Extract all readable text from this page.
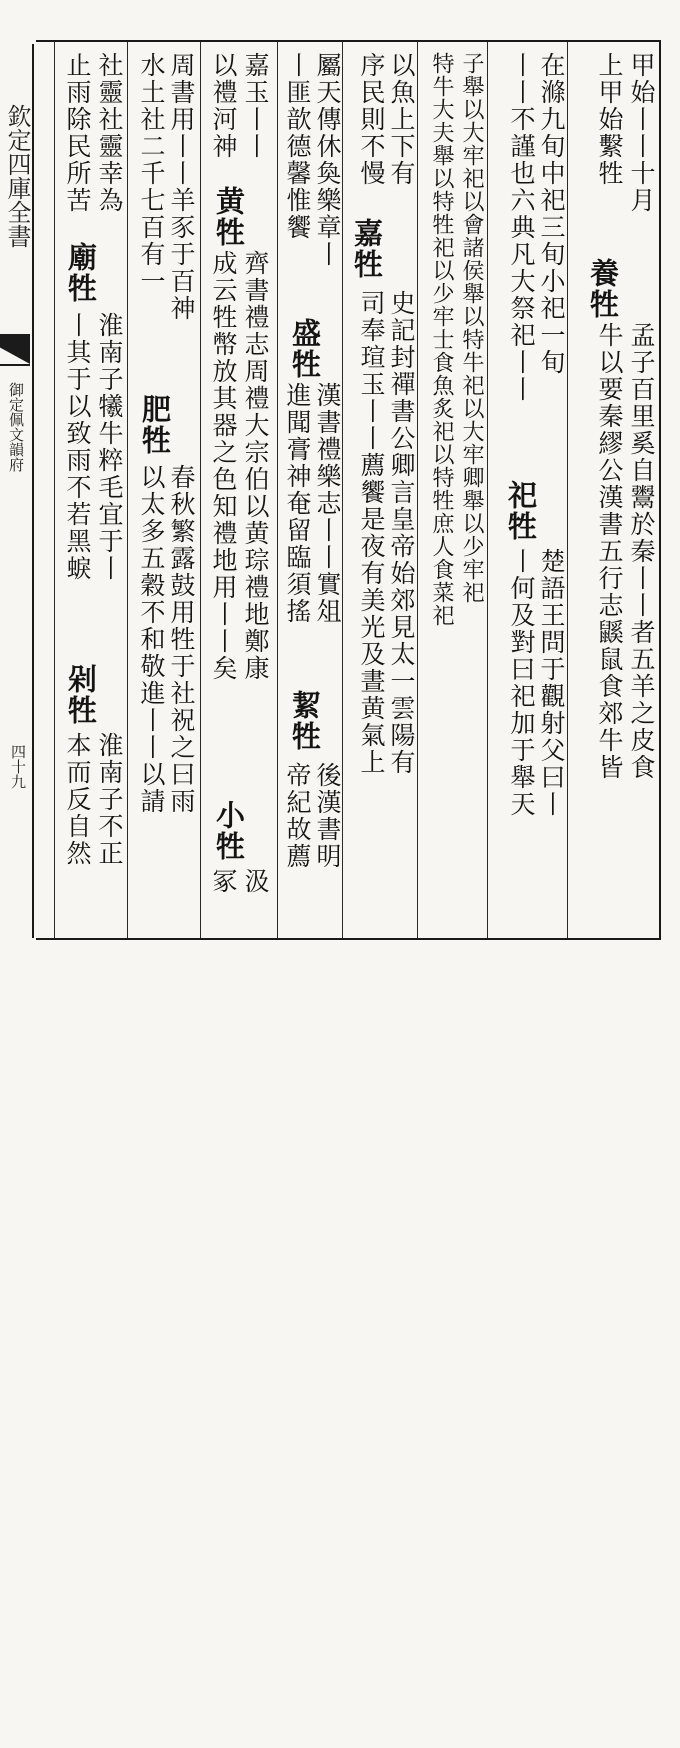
欽定四庫全書
御定佩文韻府
四十九
甲始丨丨十月
上甲始繫牲
養牲
孟子百里奚自鬻於秦丨丨者五羊之皮食
牛以要秦繆公漢書五行志鼷鼠食郊牛皆
在滌九旬中祀三旬小祀一旬
丨丨不謹也六典凡大祭祀丨丨
祀牲
楚語王問于觀射父曰丨
丨何及對曰祀加于舉天
子舉以大牢祀以會諸侯舉以特牛祀以大牢卿舉以少牢祀
特牛大夫舉以特牲祀以少牢士食魚炙祀以特牲庶人食菜祀
以魚上下有
序民則不慢
嘉牲
史記封禪書公卿言皇帝始郊見太一雲陽有
司奉瑄玉丨丨薦饗是夜有美光及晝黄氣上
屬天傳休奐樂章丨
丨匪歆德馨惟饗
盛牲
漢書禮樂志丨丨實俎
進聞膏神奄留臨須搖
絜牲
後漢書明
帝紀故薦
嘉玉丨丨
以禮河神
黄牲
齊書禮志周禮大宗伯以黄琮禮地鄭康
成云牲幣放其器之色知禮地用丨丨矣
小牲
汲
冢
周書用丨丨羊豕于百神
水土社二千七百有一
肥牲
春秋繁露鼓用牲于社祝之曰雨
以太多五穀不和敬進丨丨以請
社靈社靈幸為
止雨除民所苦
廟牲
淮南子犧牛粹毛宜于丨
丨其于以致雨不若黑蜧
剁牲
淮南子不正
本而反自然
